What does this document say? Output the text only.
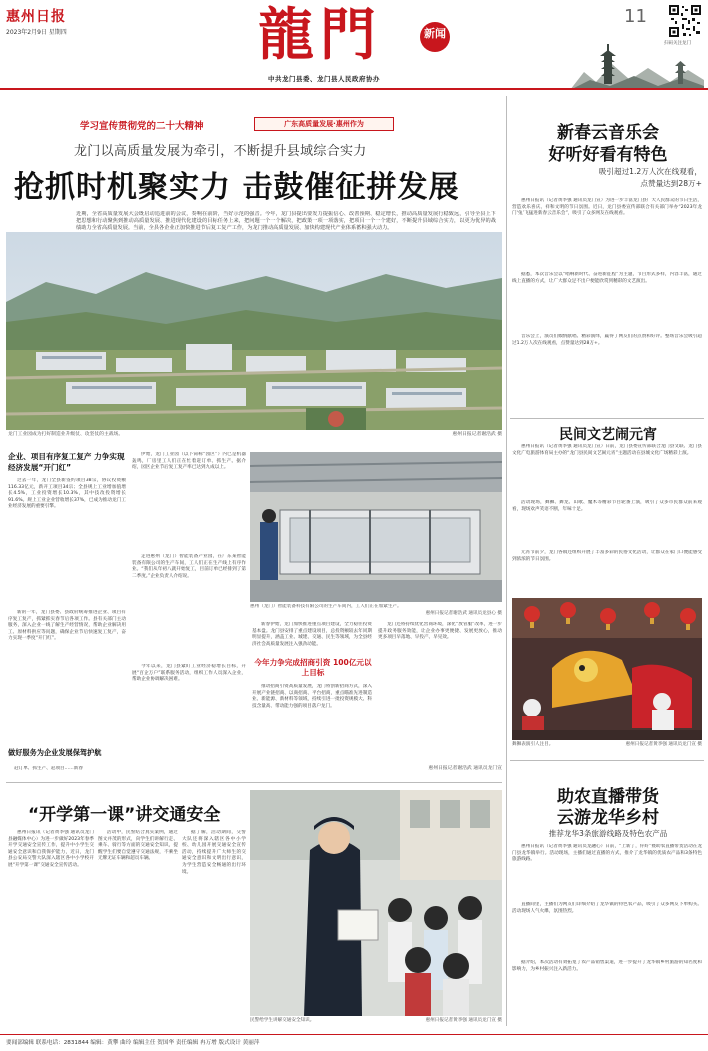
惠州日报
2023年2月9日 星期四	龍門	新闻
中共龙门县委、龙门县人民政府协办
11
扫码关注龙门
学习宣传贯彻党的二十大精神	广东高质量发展·惠州作为
龙门以高质量发展为牵引，不断提升县域综合实力
抢抓时机聚实力 击鼓催征拼发展
近期，全省高质量发展大会既启动追进前的会议，奏响在前阶，当好示范的强音。今年，龙门县提出要发力提振信心、改善预期、稳定增长，推动高质量发展行稳致远，引导全县上下把思想和行动聚焦到推动高质量发展、推进现代化建设的目标任务上来，把问题一个一个解决，把政策一项一项落实，把项目一个一个建好，不断提升县域综合实力，以更为优异的战绩助力全省高质量发展。当前，全县各企业正加快推进节后复工复产工作，为龙门推动高质量发展、加快构建现代产业体系蓄积强大动力。
龙门工业园成为打好制造业升级仗、攻坚仗的主战场。	惠州日报记者谢浩武 摄
企业、项目有序复工复产 力争实现经济发展“开门红”
过去一年，龙门全县新签约项目38宗，协议投资额116.33亿元，新开工项目34宗；全县规上工业增加值增长4.5%，工业投资增长10.3%，其中技改投资增长91.6%。规上工业企业营收增长37%，已成为推动龙门工业经济发展的重要引擎。
新的一年，龙门县委、县政府统筹推进企业、项目有序复工复产，抓紧抓实春节后各项工作。县有关部门主动服务，深入企业一线了解生产经营情况，帮助企业解决用工、原材料供应等问题，确保企业节后快速复工复产，奋力实现一季度“开门红”。
做好服务为企业发展保驾护航
赶订单、抓生产、赶项目……新春
伊始，龙门工业园（以下简称“园区”）内已是机器轰鸣，厂房里工人们正在忙着赶订单、抓生产。据介绍，园区企业节后复工复产率已达到九成以上。
走进惠州（龙门）智能装备产业园，在广东某智能装备有限公司的生产车间，工人们正在生产线上有序作业。“我们从年初八就开始复工，目前订单已经排到了第二季度。”企业负责人介绍说。
今年以来，龙门县紧盯工业经济稳增长目标，开展“百企万户”联系服务活动，组织工作人员深入企业，帮助企业协调解决困难。
惠州（龙门）智能装备科技有限公司的生产车间内，工人们正在加紧生产。
惠州日报记者谢浩武 通讯员龙县心 摄
新春伊始，龙门加快推进重点项目建设，全力稳住投资基本盘。龙门县安排了重点建设项目，总投资额较去年同期明显提升，涵盖工业、城建、交通、民生等领域，为全县经济社会高质量发展注入强劲动能。
今年力争完成招商引资 100亿元以上目标
推动招商引资高质量发展，龙门将创新招商方式，深入开展产业链招商、以商招商、平台招商，重点瞄准先进制造业、新能源、新材料等领域，持续引进一批投资规模大、科技含量高、带动能力强的项目落户龙门。
龙门还将持续优化营商环境，深化“放管服”改革，进一步提升政务服务效能，让企业办事更便捷、发展更放心，推动更多项目早落地、早投产、早见效。
惠州日报记者谢浩武 通讯员龙门宣
“开学第一课”讲交通安全
惠州日报讯（记者黄李强 通讯员龙门县融媒体中心）为进一步做好2023年春季开学交通安全宣传工作，提升中小学生交通安全意识和自我保护能力，近日，龙门县公安局交警大队深入辖区各中小学校开展“开学第一课”交通安全宣传活动。
活动中，民警结合真实案例，通过图文并茂的形式，向学生们讲解行走、乘车、骑行等方面的交通安全知识，提醒学生们要自觉遵守交通法规，不乘坐无牌无证车辆和超员车辆。
据了解，活动期间，交警大队还将深入辖区各中小学校、幼儿园开展交通安全宣传活动，持续提升广大师生的交通安全意识和文明出行意识，为学生营造安全畅通的出行环境。
民警给学生讲解交通安全知识。	惠州日报记者黄李强 通讯员龙门宣 摄
新春云音乐会
好听好看有特色
吸引超过1.2万人次在线观看，
点赞量达到28万+
惠州日报讯（记者黄李强 通讯员龙门宣）为进一步丰富龙门县广大人民群众的节日生活，营造欢乐喜庆、祥和文明的节日氛围。近日，龙门县委宣传部联合有关部门举办“2023年龙门‘兔’飞猛进新春云音乐会”，吸引了众多网友在线观看。
据悉，本次音乐会以“唱响新时代、奋进新征程”为主题，节目形式多样，内容丰富，通过线上直播的方式，让广大群众足不出户便能欣赏到精彩的文艺演出。
音乐会上，演员们倾情献唱、精彩演绎，赢得了网友们的点赞和好评。整场音乐会吸引超过1.2万人次在线观看，点赞量达到28万+。
民间文艺闹元宵
惠州日报讯（记者黄李强 通讯员龙门宣）日前，龙门县委宣传部联合龙门县文联、龙门县文化广电旅游体育局主办的“龙门县民间文艺闹元宵”主题活动在县城文化广场精彩上演。
活动现场，舞狮、舞龙、山歌、魔术等精彩节目轮番上演，吸引了众多市民群众前来观看，现场欢声笑语不断，年味十足。
元宵节前夕，龙门各镇还组织开展了丰富多彩的民俗文化活动，让群众在家门口便能感受到浓浓的节日氛围。
舞狮表演引人注目。	惠州日报记者黄李强 通讯员龙门宣 摄
助农直播带货
云游龙华乡村
推荐龙华3条旅游线路及特色农产品
惠州日报讯（记者黄李强 通讯员龙融心）日前，“上新了，你好”暨助农直播带货活动在龙门县龙华镇举行。活动现场，主播们通过直播的方式，推介了龙华镇的优质农产品和3条特色旅游线路。
直播间里，主播们为网友们详细介绍了龙华镇的特色农产品，吸引了众多网友下单购买。活动现场人气火爆，氛围热烈。
据介绍，本次活动有效拓宽了农产品销售渠道，进一步提升了龙华镇乡村旅游的知名度和影响力，为乡村振兴注入新活力。
要闻部编辑 联系电话：2831844 编辑：黄攀 曲玲 编辑主任 贺国华 责任编辑 冉万增 版式设计 黄丽萍
